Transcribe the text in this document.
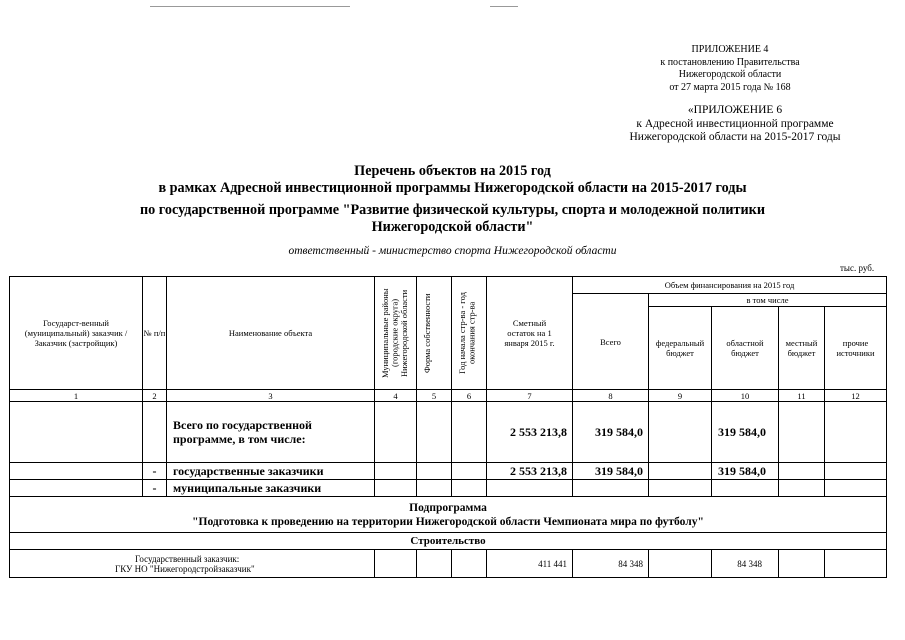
ПРИЛОЖЕНИЕ 4
к постановлению Правительства
Нижегородской области
от 27 марта 2015 года № 168
«ПРИЛОЖЕНИЕ 6
к Адресной инвестиционной программе
Нижегородской области на 2015-2017 годы
Перечень объектов на 2015 год
в рамках Адресной инвестиционной программы Нижегородской области на 2015-2017 годы
по государственной программе "Развитие физической культуры, спорта и молодежной политики
Нижегородской области"
ответственный - министерство спорта Нижегородской области
тыс. руб.
Государст-венный (муниципальный) заказчик / Заказчик (застройщик)	№ п/п	Наименование объекта	Муниципальные районы (городские округа) Нижегородской области	Форма собственности	Год начала стр-ва - год окончания стр-ва	Сметный остаток на 1 января 2015 г.	Объем финансирования на 2015 год				
							Всего	в том числе			
								федеральный бюджет	областной бюджет	местный бюджет	прочие источники
1	2	3	4	5	6	7	8	9	10	11	12
		Всего по государственной программе, в том числе:				2 553 213,8	319 584,0		319 584,0		
	-	государственные заказчики				2 553 213,8	319 584,0		319 584,0		
	-	муниципальные заказчики									

Подпрограмма
"Подготовка к проведению на территории Нижегородской области Чемпионата мира по футболу"											

Строительство											

Государственный заказчик:
ГКУ НО "Нижегородстройзаказчик"						411 441	84 348		84 348		
